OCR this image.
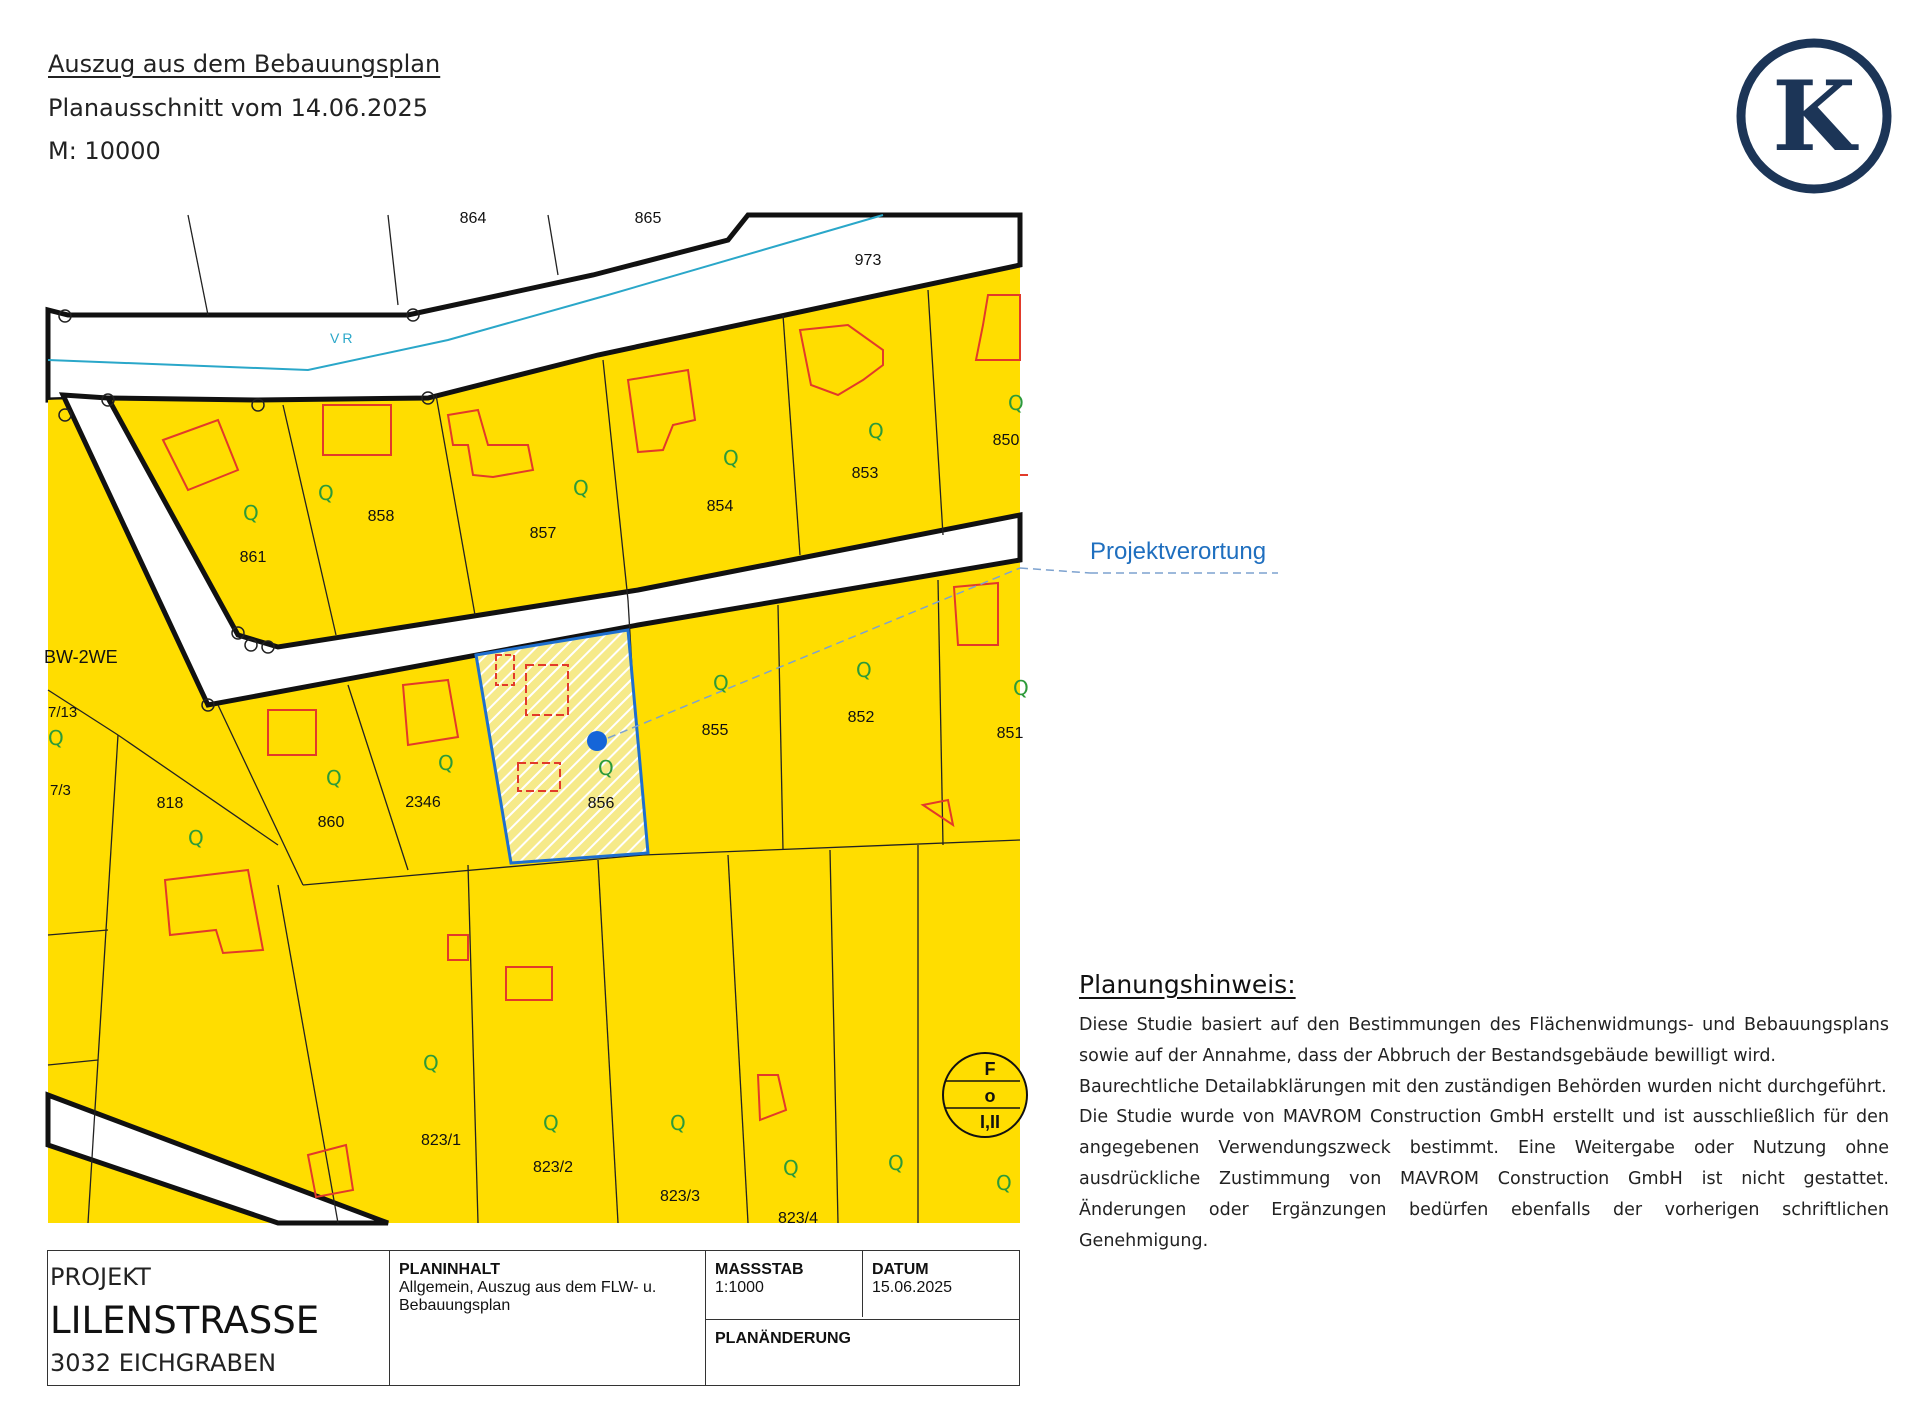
Auszug aus dem Bebauungsplan
Planausschnitt vom 14.06.2025
M: 10000	K
Q
Q	Q
Q
Q
Q
Q
Q
Q
Q
Q
Q
Q	Q
Q
Q	Q
Q	Q
Q
864	865
973
850
861
858
857
854
853
855
852
851
818
860
2346	856
823/1
823/2
823/3
823/4
VR
BW-2WE
7/13
7/3
F
o
I,II
Projektverortung
Planungshinweis:

Diese Studie basiert auf den Bestimmungen des Flächenwidmungs- und Bebauungsplans sowie auf der Annahme, dass der Abbruch der Bestandsgebäude bewilligt wird.

Baurechtliche Detailabklärungen mit den zuständigen Behörden wurden nicht durchgeführt.

Die Studie wurde von MAVROM Construction GmbH erstellt und ist ausschließlich für den angegebenen Verwendungszweck bestimmt. Eine Weitergabe oder Nutzung ohne ausdrückliche Zustimmung von MAVROM Construction GmbH ist nicht gestattet. Änderungen oder Ergänzungen bedürfen ebenfalls der vorherigen schriftlichen Genehmigung.

PROJEKT
LILENSTRASSE
3032 EICHGRABEN
PLANINHALT
Allgemein, Auszug aus dem FLW- u. Bebauungsplan
MASSSTAB
1:1000
DATUM
15.06.2025
PLANÄNDERUNG
